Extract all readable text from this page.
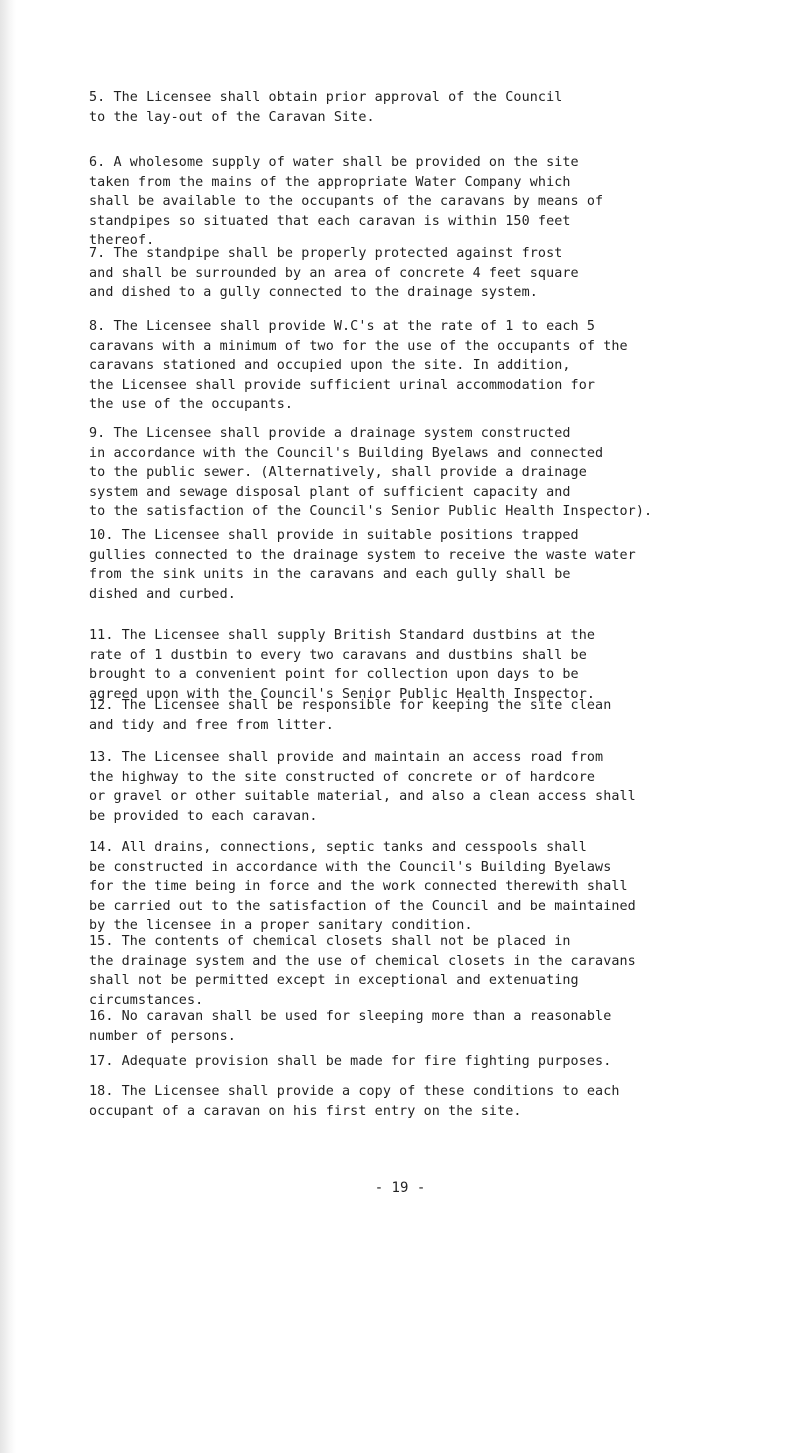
5. The Licensee shall obtain prior approval of the Council
to the lay-out of the Caravan Site.

6. A wholesome supply of water shall be provided on the site
taken from the mains of the appropriate Water Company which
shall be available to the occupants of the caravans by means of
standpipes so situated that each caravan is within 150 feet
thereof.

7. The standpipe shall be properly protected against frost
and shall be surrounded by an area of concrete 4 feet square
and dished to a gully connected to the drainage system.

8. The Licensee shall provide W.C's at the rate of 1 to each 5
caravans with a minimum of two for the use of the occupants of the
caravans stationed and occupied upon the site. In addition,
the Licensee shall provide sufficient urinal accommodation for
the use of the occupants.

9. The Licensee shall provide a drainage system constructed
in accordance with the Council's Building Byelaws and connected
to the public sewer. (Alternatively, shall provide a drainage
system and sewage disposal plant of sufficient capacity and
to the satisfaction of the Council's Senior Public Health Inspector).

10. The Licensee shall provide in suitable positions trapped
gullies connected to the drainage system to receive the waste water
from the sink units in the caravans and each gully shall be
dished and curbed.

11. The Licensee shall supply British Standard dustbins at the
rate of 1 dustbin to every two caravans and dustbins shall be
brought to a convenient point for collection upon days to be
agreed upon with the Council's Senior Public Health Inspector.

12. The Licensee shall be responsible for keeping the site clean
and tidy and free from litter.

13. The Licensee shall provide and maintain an access road from
the highway to the site constructed of concrete or of hardcore
or gravel or other suitable material, and also a clean access shall
be provided to each caravan.

14. All drains, connections, septic tanks and cesspools shall
be constructed in accordance with the Council's Building Byelaws
for the time being in force and the work connected therewith shall
be carried out to the satisfaction of the Council and be maintained
by the licensee in a proper sanitary condition.

15. The contents of chemical closets shall not be placed in
the drainage system and the use of chemical closets in the caravans
shall not be permitted except in exceptional and extenuating
circumstances.

16. No caravan shall be used for sleeping more than a reasonable
number of persons.

17. Adequate provision shall be made for fire fighting purposes.

18. The Licensee shall provide a copy of these conditions to each
occupant of a caravan on his first entry on the site.

- 19 -
